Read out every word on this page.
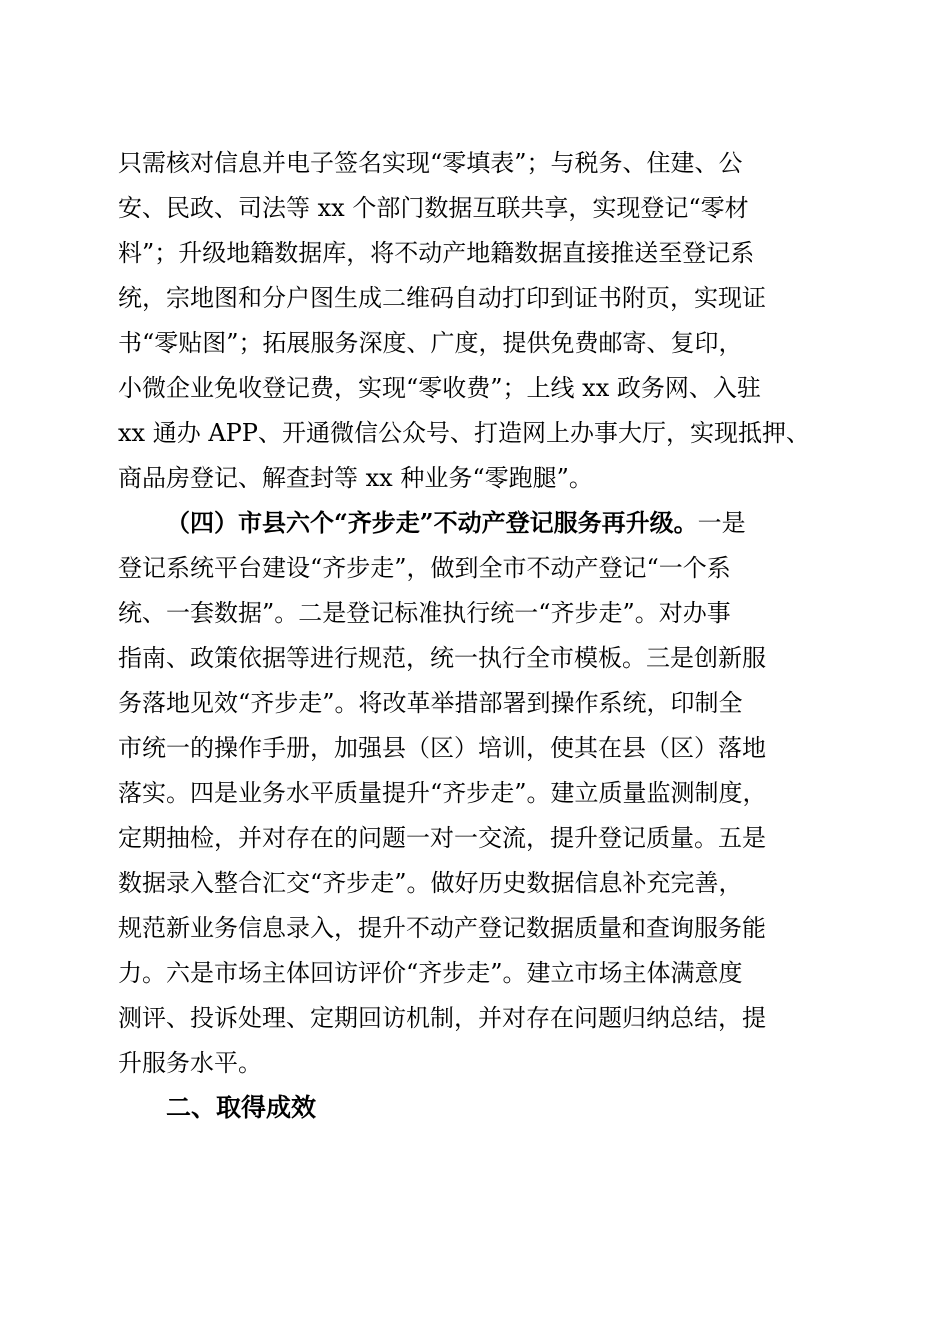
只需核对信息并电子签名实现“零填表”；与税务、住建、公
安、民政、司法等 xx 个部门数据互联共享，实现登记“零材
料”；升级地籍数据库，将不动产地籍数据直接推送至登记系
统，宗地图和分户图生成二维码自动打印到证书附页，实现证
书“零贴图”；拓展服务深度、广度，提供免费邮寄、复印，
小微企业免收登记费，实现“零收费”；上线 xx 政务网、入驻
xx 通办 APP、开通微信公众号、打造网上办事大厅，实现抵押、
商品房登记、解查封等 xx 种业务“零跑腿”。
（四）市县六个“齐步走”不动产登记服务再升级。一是
登记系统平台建设“齐步走”，做到全市不动产登记“一个系
统、一套数据”。二是登记标准执行统一“齐步走”。对办事
指南、政策依据等进行规范，统一执行全市模板。三是创新服
务落地见效“齐步走”。将改革举措部署到操作系统，印制全
市统一的操作手册，加强县（区）培训，使其在县（区）落地
落实。四是业务水平质量提升“齐步走”。建立质量监测制度，
定期抽检，并对存在的问题一对一交流，提升登记质量。五是
数据录入整合汇交“齐步走”。做好历史数据信息补充完善，
规范新业务信息录入，提升不动产登记数据质量和查询服务能
力。六是市场主体回访评价“齐步走”。建立市场主体满意度
测评、投诉处理、定期回访机制，并对存在问题归纳总结，提
升服务水平。
二、取得成效
